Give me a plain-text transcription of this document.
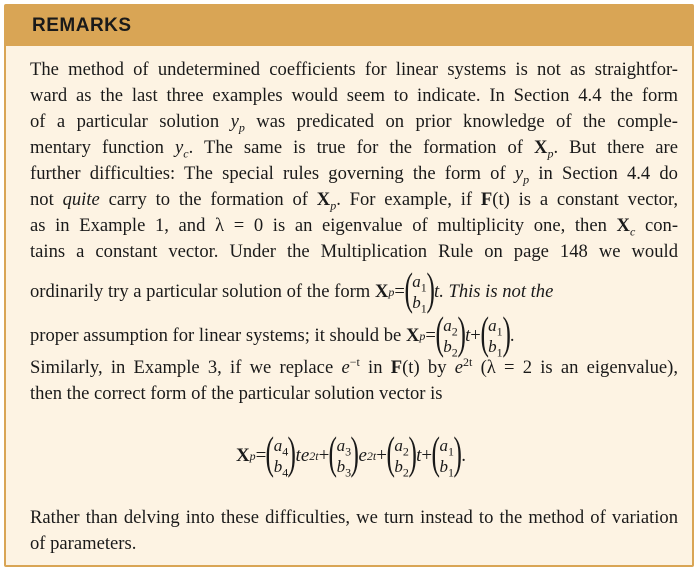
REMARKS
The method of undetermined coefficients for linear systems is not as straightfor-
ward as the last three examples would seem to indicate. In Section 4.4 the form
of a particular solution $y_p$ was predicated on prior knowledge of the comple-
mentary function $y_c$. The same is true for the formation of $X_p$. But there are
further difficulties: The special rules governing the form of $y_p$ in Section 4.4 do
not quite carry to the formation of $X_p$. For example, if F(t) is a constant vector,
as in Example 1, and λ = 0 is an eigenvalue of multiplicity one, then $X_c$ con-
tains a constant vector. Under the Multiplication Rule on page 148 we would
ordinarily try a particular solution of the form
X p = ( $a_1$
$b_1$ ) t. This is not the
proper assumption for linear systems; it should be
X p = ( $a_2$
$b_2$ ) t + ( $a_1$
$b_1$ ) .
Similarly, in Example 3, if we replace $e^{-t}$ in F(t) by $e^{2t}$ (λ = 2 is an eigenvalue),
then the correct form of the particular solution vector is
X p = ( $a_4$
$b_4$ ) te 2t + ( $a_3$
$b_3$ ) e 2t + ( $a_2$
$b_2$ ) t + ( $a_1$
$b_1$ ) .
Rather than delving into these difficulties, we turn instead to the method of variation of parameters.
